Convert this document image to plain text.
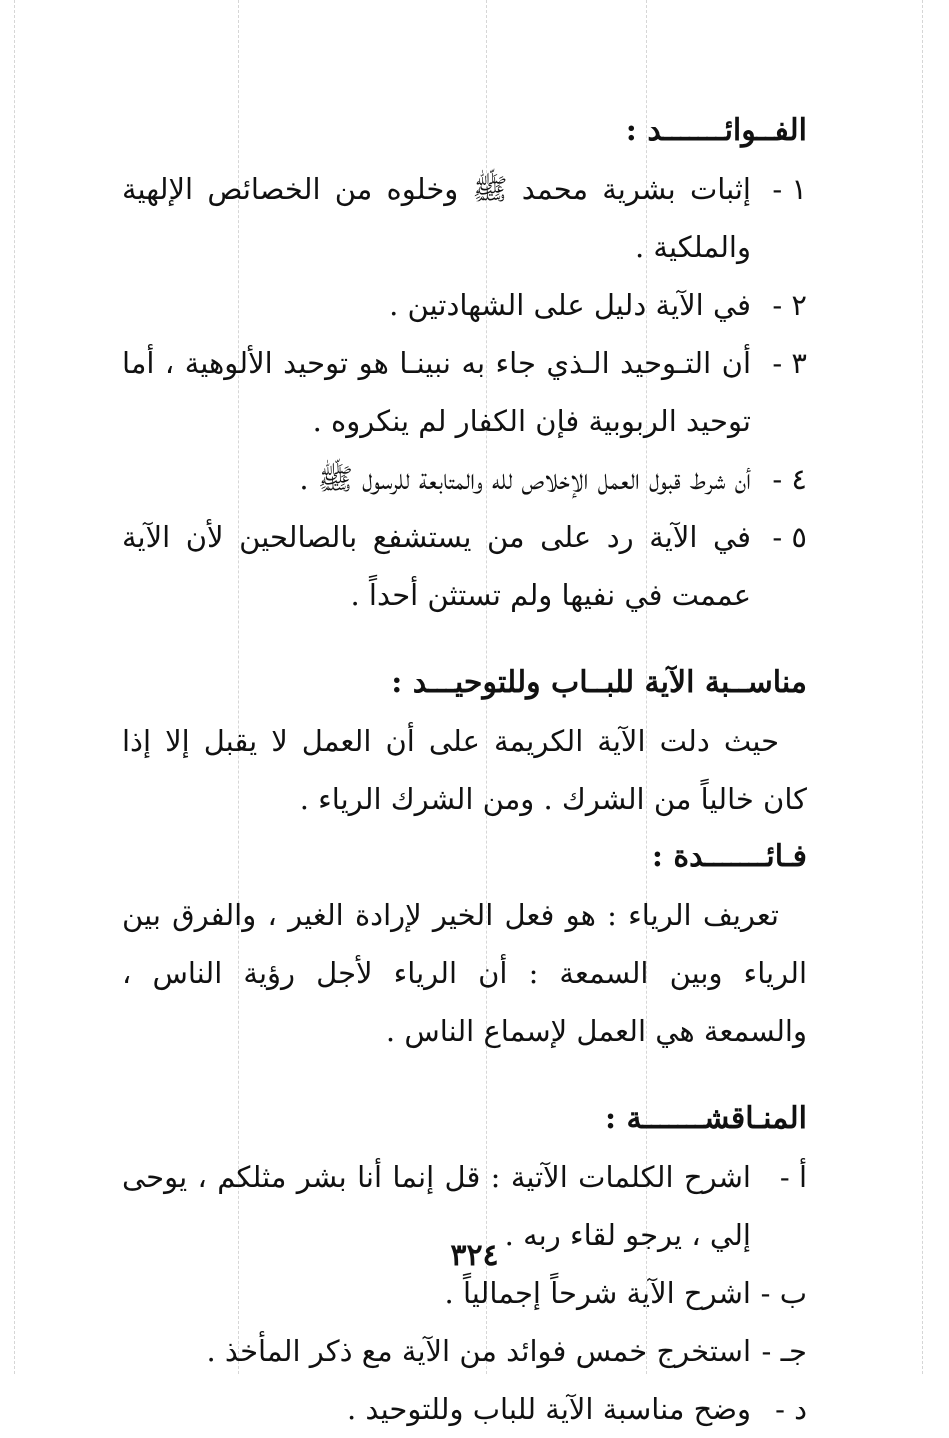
الفــوائـــــــد :
١ -
إثبات بشرية محمد ﷺ وخلوه من الخصائص الإلهية والملكية .
٢ -
في الآية دليل على الشهادتين .
٣ -
أن التـوحيد الـذي جاء به نبينـا هو توحيد الألوهية ، أما توحيد الربوبية فإن الكفار لم ينكروه .
٤ -
أن شرط قبول العمل الإخلاص لله والمتابعة للرسول ﷺ .
٥ -
في الآية رد على من يستشفع بالصالحين لأن الآية عممت في نفيها ولم تستثن أحداً .
مناســبة الآية للبــاب وللتوحيـــد :
حيث دلت الآية الكريمة على أن العمل لا يقبل إلا إذا كان خالياً من الشرك . ومن الشرك الرياء .
فـائـــــــدة :
تعريف الرياء : هو فعل الخير لإرادة الغير ، والفرق بين الرياء وبين السمعة : أن الرياء لأجل رؤية الناس ، والسمعة هي العمل لإسماع الناس .
المنـاقشـــــــة :
أ -
اشرح الكلمات الآتية : قل إنما أنا بشر مثلكم ، يوحى إلي ، يرجو لقاء ربه .
ب -
اشرح الآية شرحاً إجمالياً .
جـ -
استخرج خمس فوائد من الآية مع ذكر المأخذ .
د -
وضح مناسبة الآية للباب وللتوحيد .
٣٢٤
